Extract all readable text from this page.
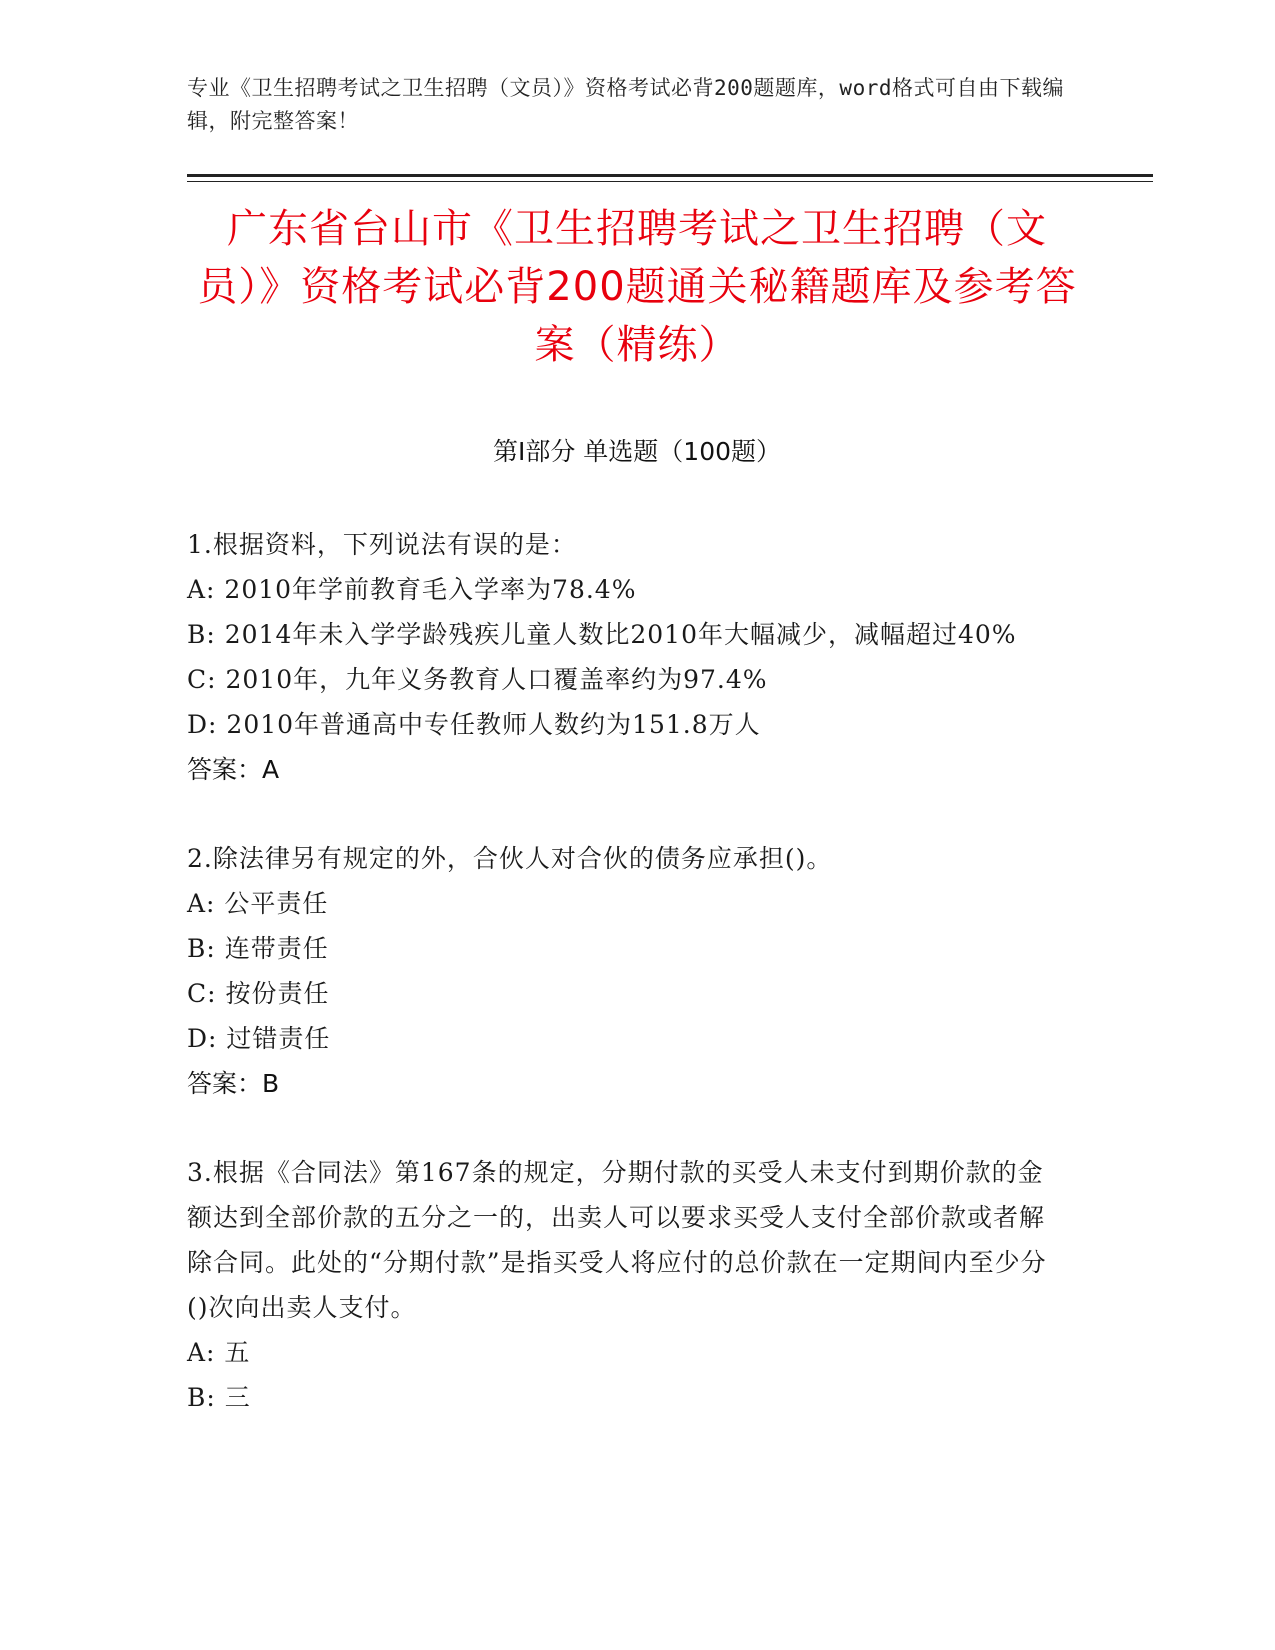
专业《卫生招聘考试之卫生招聘（文员）》资格考试必背200题题库，word格式可自由下载编辑，附完整答案！
广东省台山市《卫生招聘考试之卫生招聘（文员）》资格考试必背200题通关秘籍题库及参考答案（精练）
第Ⅰ部分 单选题（100题）
1.根据资料，下列说法有误的是：
A: 2010年学前教育毛入学率为78.4%
B: 2014年未入学学龄残疾儿童人数比2010年大幅减少，减幅超过40%
C: 2010年，九年义务教育人口覆盖率约为97.4%
D: 2010年普通高中专任教师人数约为151.8万人
答案：A
2.除法律另有规定的外，合伙人对合伙的债务应承担()。
A: 公平责任
B: 连带责任
C: 按份责任
D: 过错责任
答案：B
3.根据《合同法》第167条的规定，分期付款的买受人未支付到期价款的金额达到全部价款的五分之一的，出卖人可以要求买受人支付全部价款或者解除合同。此处的“分期付款”是指买受人将应付的总价款在一定期间内至少分()次向出卖人支付。
A: 五
B: 三
